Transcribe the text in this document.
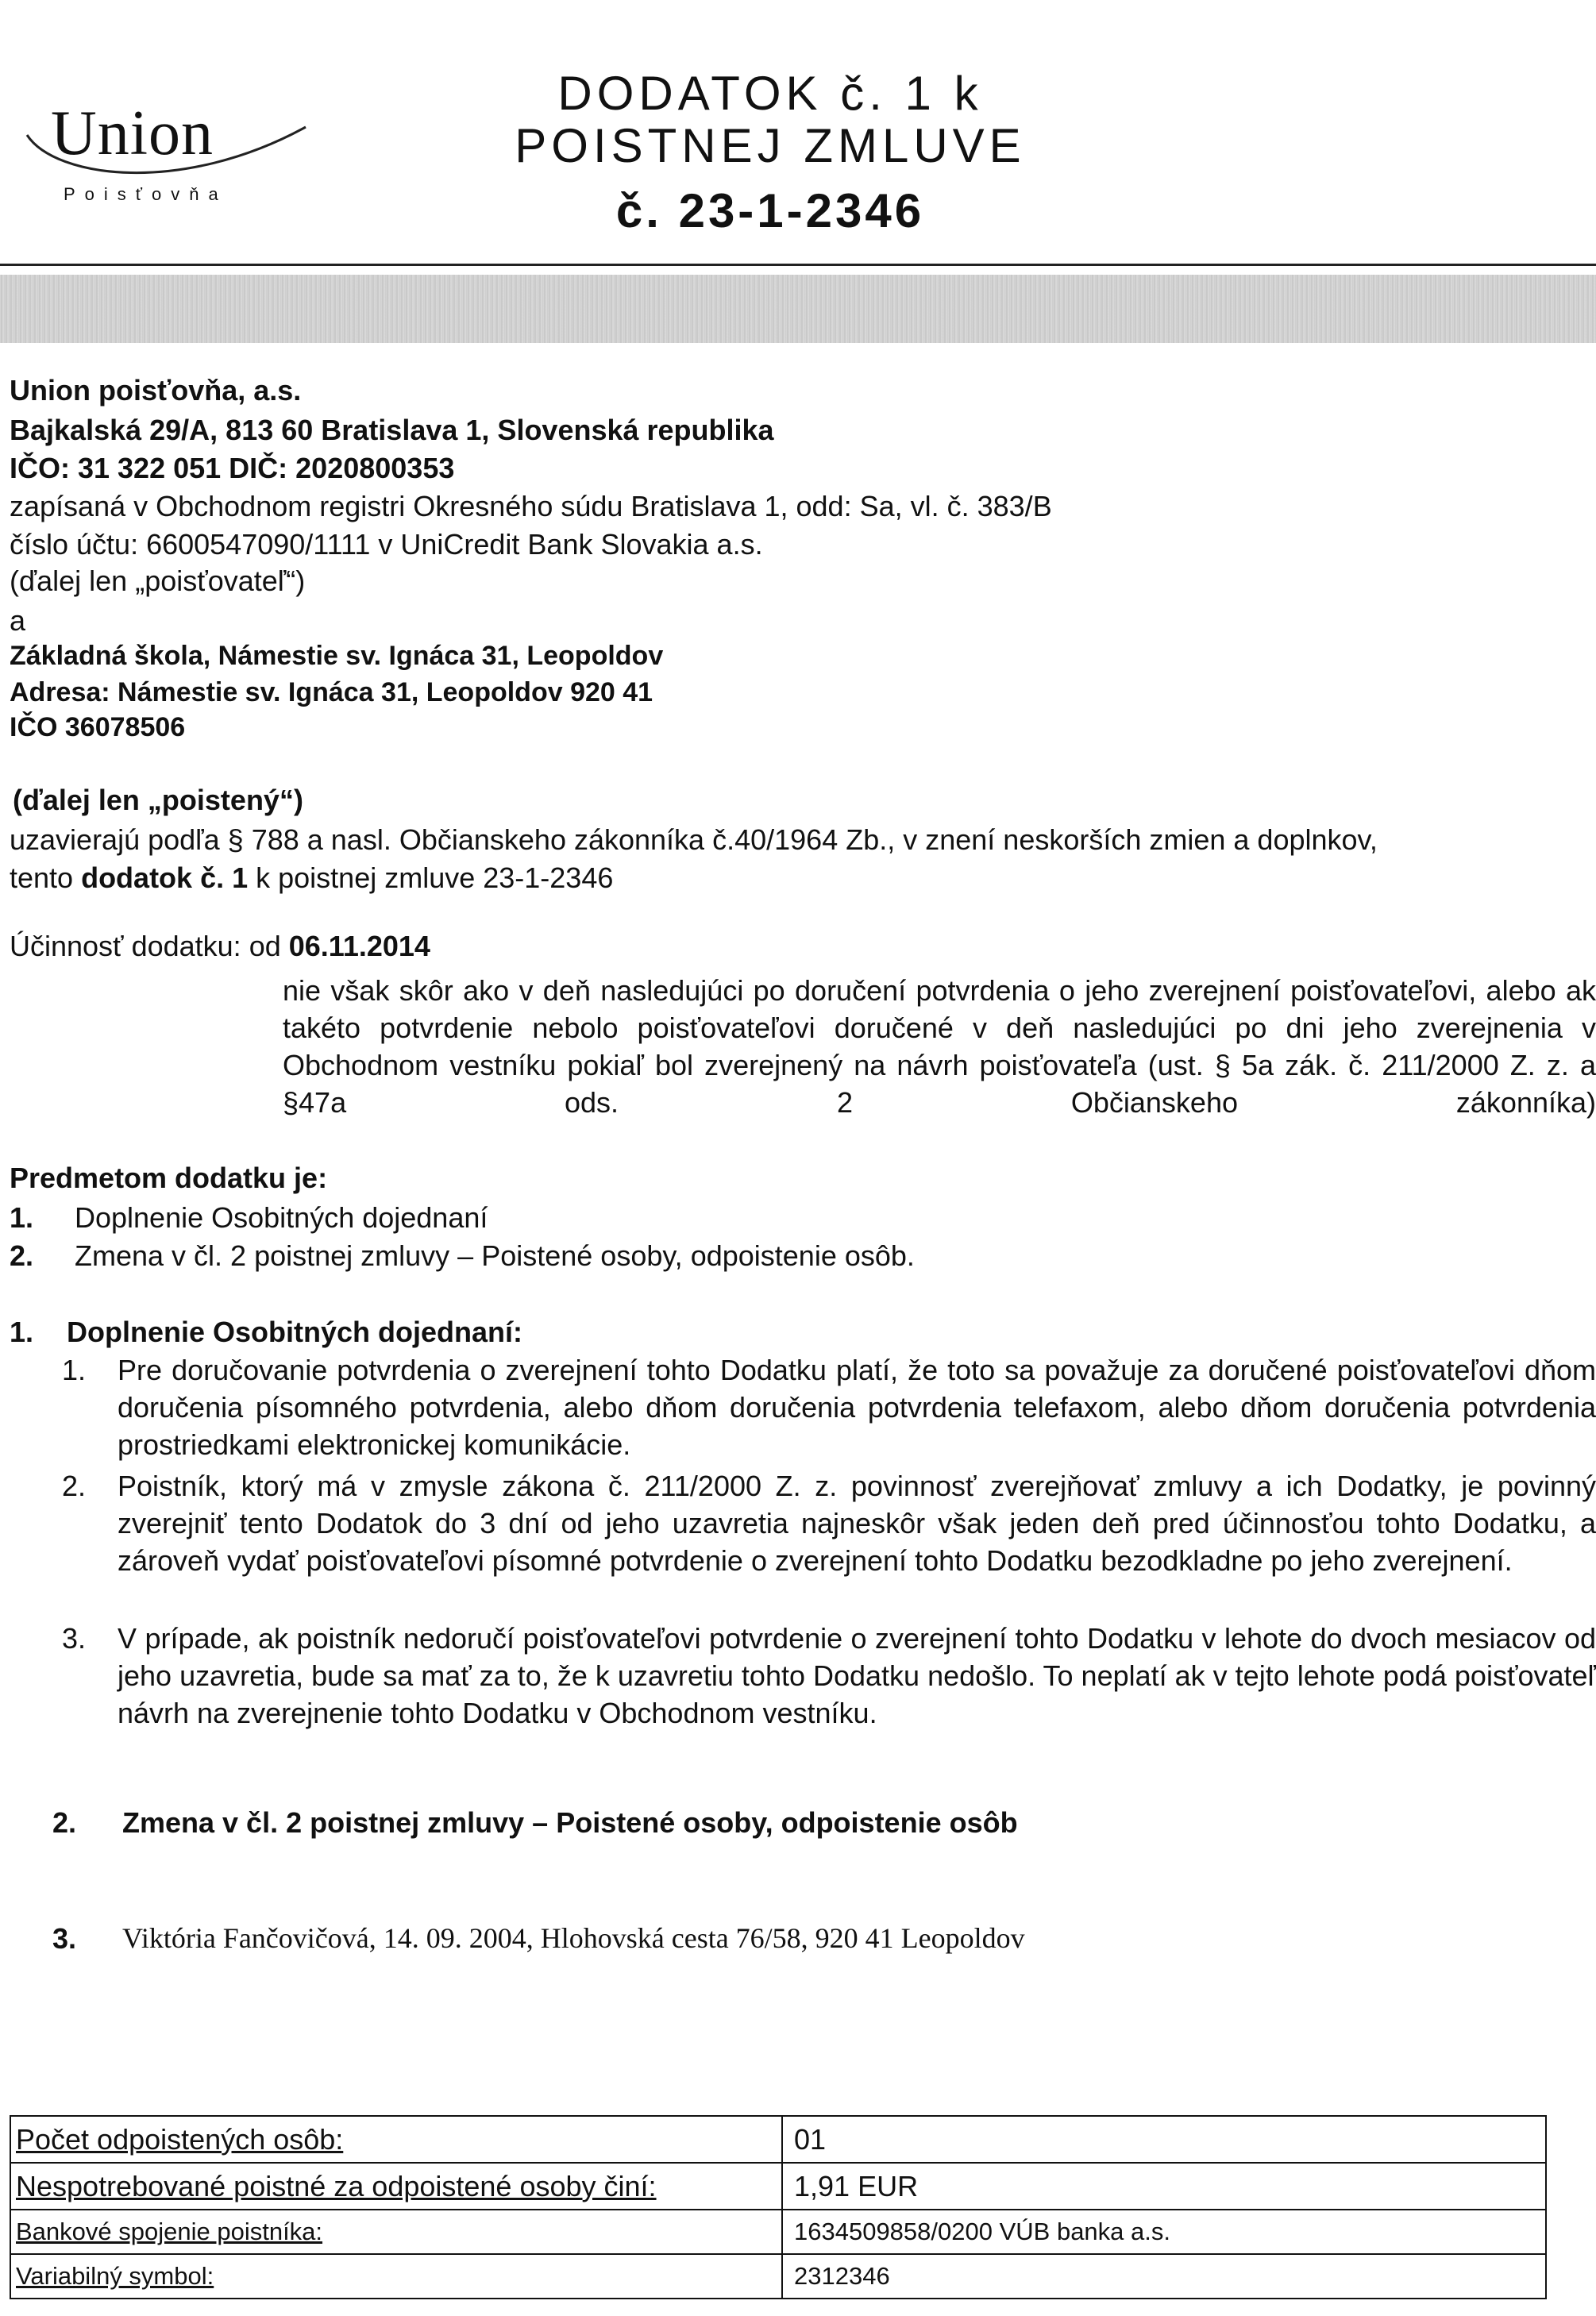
Union
Poisťovňa
DODATOK č. 1 k
POISTNEJ ZMLUVE
č. 23-1-2346
Union poisťovňa, a.s.
Bajkalská 29/A, 813 60 Bratislava 1, Slovenská republika
IČO: 31 322 051 DIČ: 2020800353
zapísaná v Obchodnom registri Okresného súdu Bratislava 1, odd: Sa, vl. č. 383/B
číslo účtu: 6600547090/1111 v UniCredit Bank Slovakia a.s.
(ďalej len „poisťovateľ“)
a
Základná škola, Námestie sv. Ignáca 31, Leopoldov
Adresa: Námestie sv. Ignáca 31, Leopoldov 920 41
IČO 36078506
(ďalej len „poistený“)
uzavierajú podľa § 788 a nasl. Občianskeho zákonníka č.40/1964 Zb., v znení neskorších zmien a doplnkov,
tento dodatok č. 1 k poistnej zmluve 23-1-2346
Účinnosť dodatku: od 06.11.2014
nie však skôr ako v deň nasledujúci po doručení potvrdenia o jeho zverejnení poisťovateľovi, alebo ak takéto potvrdenie nebolo poisťovateľovi doručené v deň nasledujúci po dni jeho zverejnenia v Obchodnom vestníku pokiaľ bol zverejnený na návrh poisťovateľa (ust. § 5a zák. č. 211/2000 Z. z. a §47a ods. 2 Občianskeho zákonníka)
Predmetom dodatku je:
1. Doplnenie Osobitných dojednaní
2. Zmena v čl. 2 poistnej zmluvy – Poistené osoby, odpoistenie osôb.
1. Doplnenie Osobitných dojednaní:
1. Pre doručovanie potvrdenia o zverejnení tohto Dodatku platí, že toto sa považuje za doručené poisťovateľovi dňom doručenia písomného potvrdenia, alebo dňom doručenia potvrdenia telefaxom, alebo dňom doručenia potvrdenia prostriedkami elektronickej komunikácie.
2. Poistník, ktorý má v zmysle zákona č. 211/2000 Z. z. povinnosť zverejňovať zmluvy a ich Dodatky, je povinný zverejniť tento Dodatok do 3 dní od jeho uzavretia najneskôr však jeden deň pred účinnosťou tohto Dodatku, a zároveň vydať poisťovateľovi písomné potvrdenie o zverejnení tohto Dodatku bezodkladne po jeho zverejnení.
3. V prípade, ak poistník nedoručí poisťovateľovi potvrdenie o zverejnení tohto Dodatku v lehote do dvoch mesiacov od jeho uzavretia, bude sa mať za to, že k uzavretiu tohto Dodatku nedošlo. To neplatí ak v tejto lehote podá poisťovateľ návrh na zverejnenie tohto Dodatku v Obchodnom vestníku.
2. Zmena v čl. 2 poistnej zmluvy – Poistené osoby, odpoistenie osôb
3. Viktória Fančovičová, 14. 09. 2004, Hlohovská cesta 76/58, 920 41 Leopoldov
Počet odpoistených osôb:	01
Nespotrebované poistné za odpoistené osoby činí:	1,91 EUR
Bankové spojenie poistníka:	1634509858/0200 VÚB banka a.s.
Variabilný symbol:	2312346
